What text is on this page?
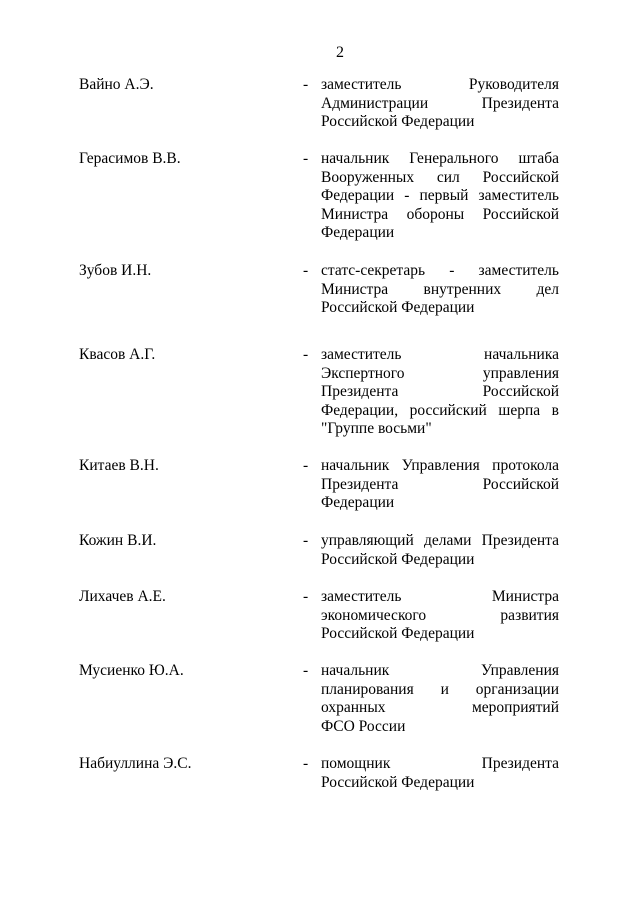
2
Вайно А.Э.	- заместитель Руководителя
Администрации Президента
Российской Федерации
Герасимов В.В.	- начальник Генерального штаба
Вооруженных сил Российской
Федерации - первый заместитель
Министра обороны Российской
Федерации
Зубов И.Н.	- статс-секретарь - заместитель
Министра внутренних дел
Российской Федерации
Квасов А.Г.	- заместитель начальника
Экспертного управления
Президента Российской
Федерации, российский шерпа в
"Группе восьми"
Китаев В.Н.	- начальник Управления протокола
Президента Российской
Федерации
Кожин В.И.	- управляющий делами Президента
Российской Федерации
Лихачев А.Е.	- заместитель Министра
экономического развития
Российской Федерации
Мусиенко Ю.А.	- начальник Управления
планирования и организации
охранных мероприятий
ФСО России
Набиуллина Э.С.	- помощник Президента
Российской Федерации
